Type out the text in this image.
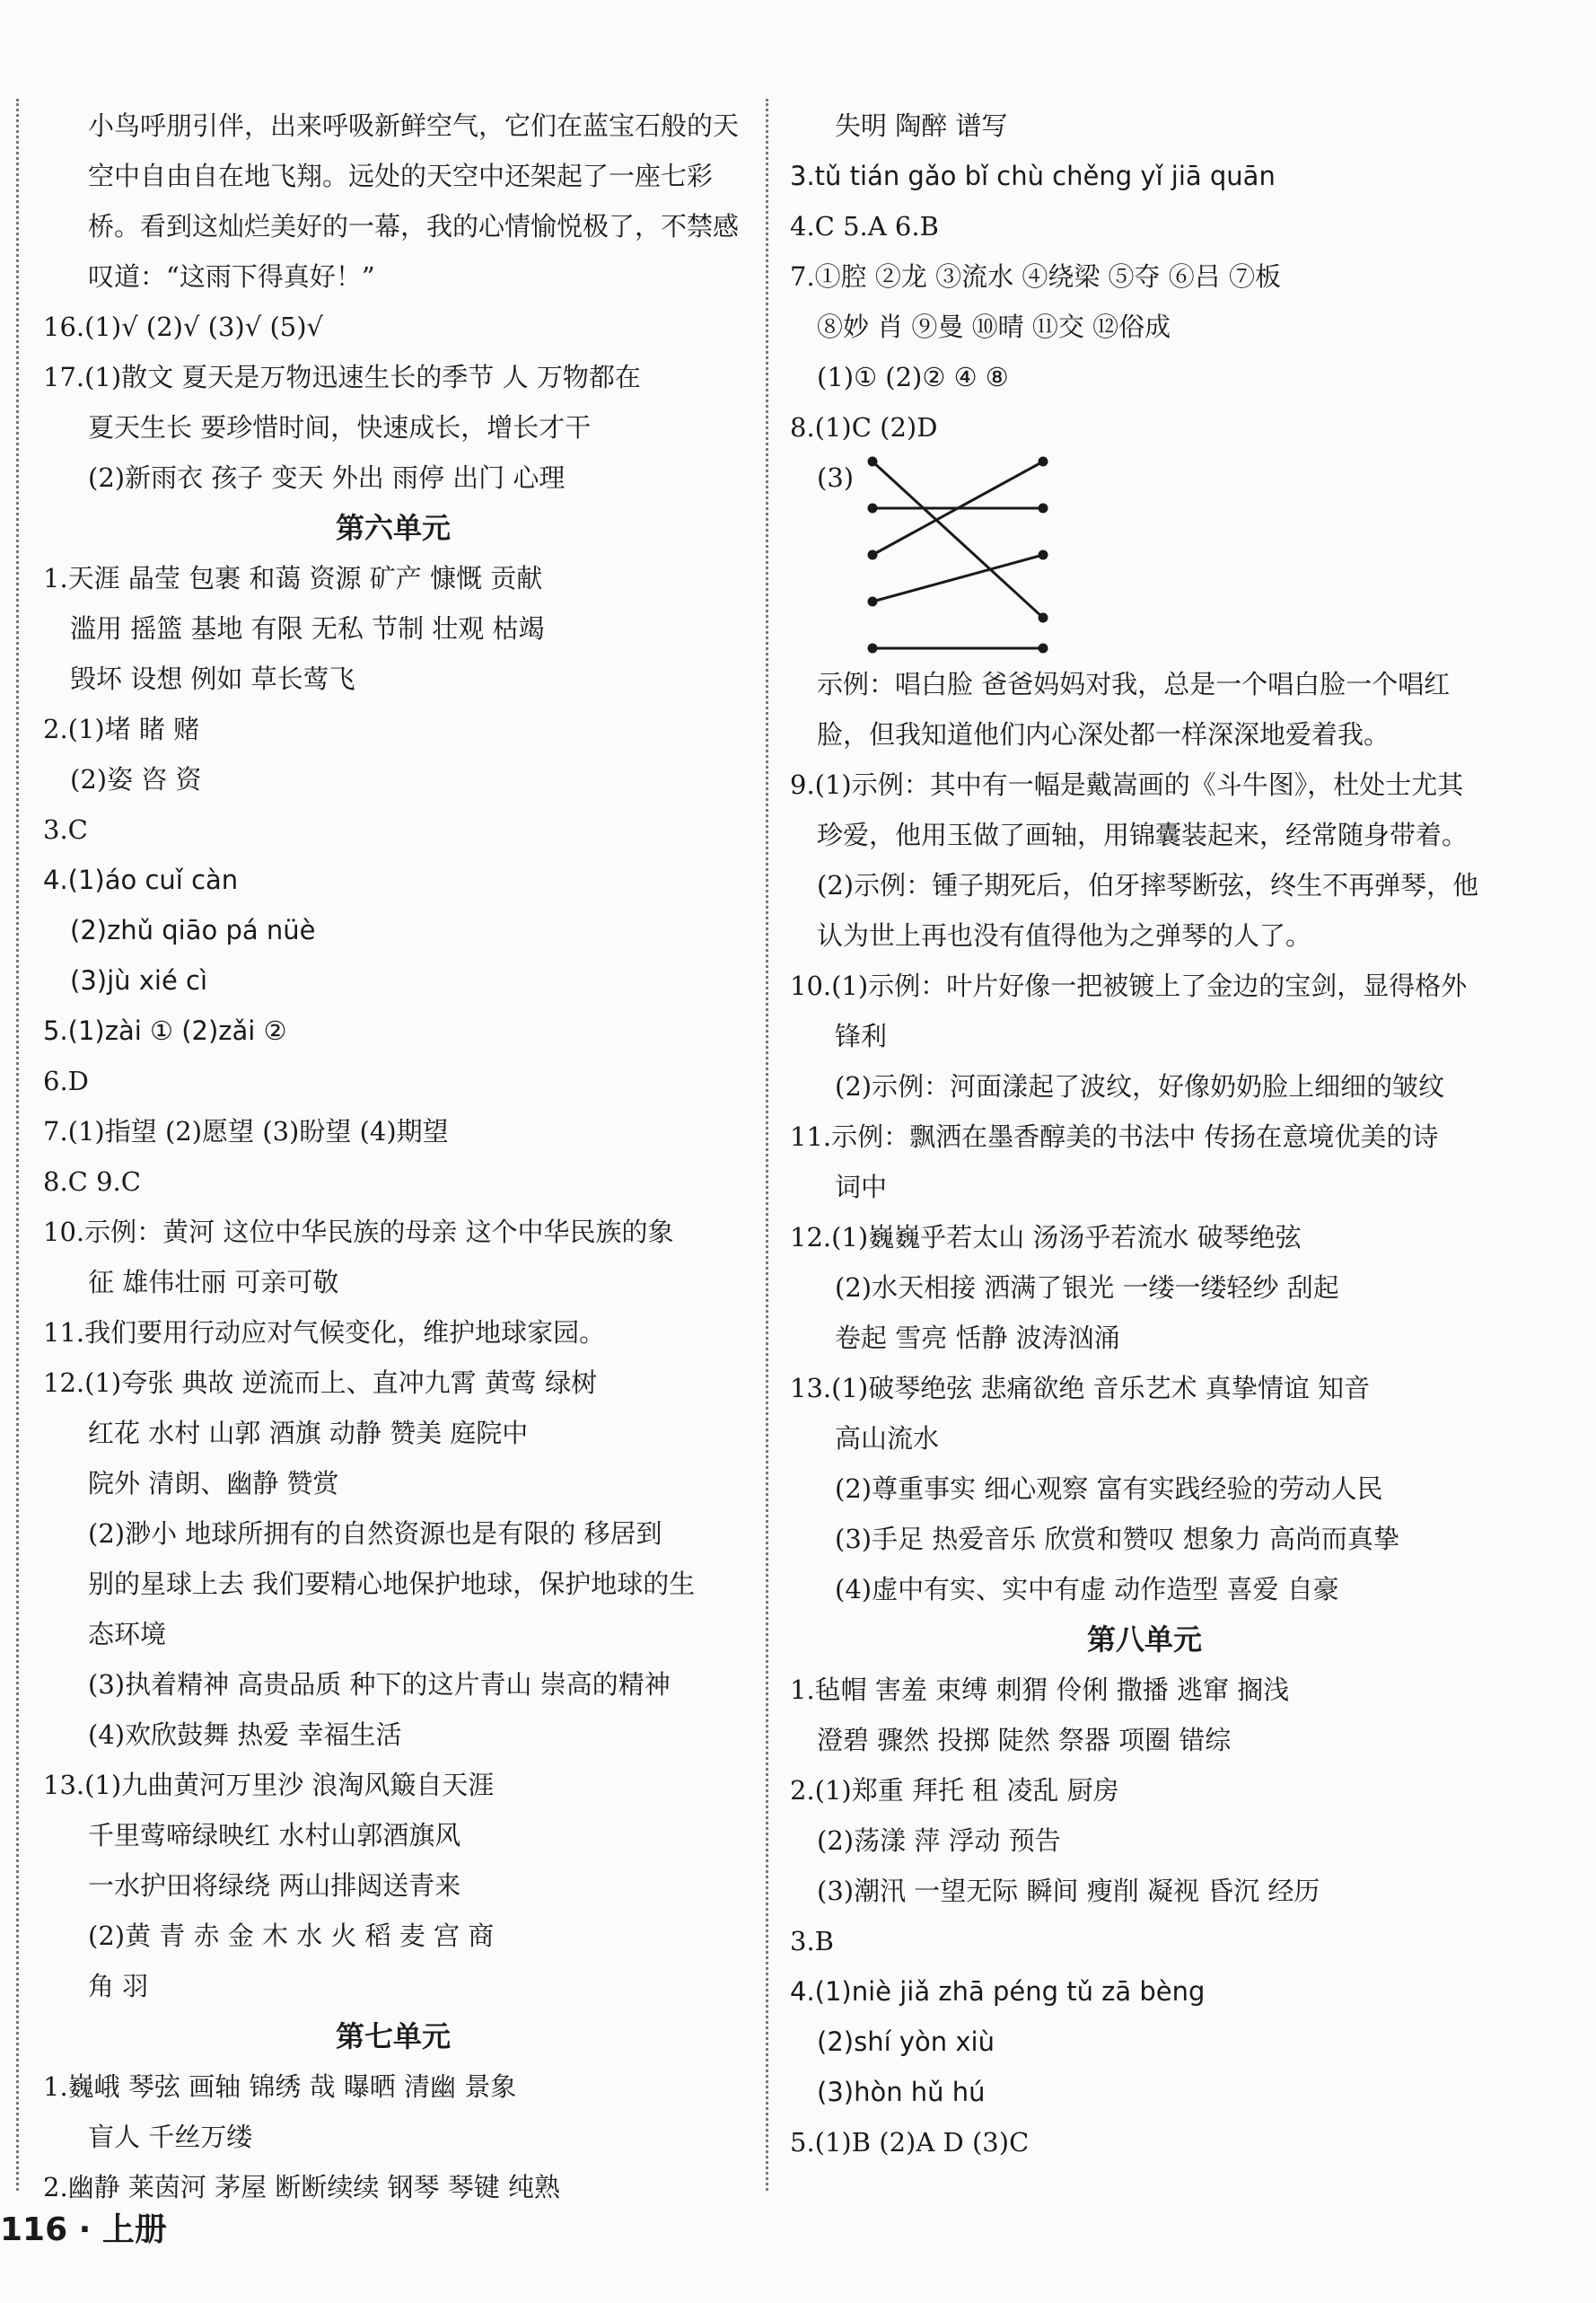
小鸟呼朋引伴，出来呼吸新鲜空气，它们在蓝宝石般的天
空中自由自在地飞翔。远处的天空中还架起了一座七彩
桥。看到这灿烂美好的一幕，我的心情愉悦极了，不禁感
叹道：“这雨下得真好！”
16.(1)√ (2)√ (3)√ (5)√
17.(1)散文 夏天是万物迅速生长的季节 人 万物都在
夏天生长 要珍惜时间，快速成长，增长才干
(2)新雨衣 孩子 变天 外出 雨停 出门 心理
第六单元
1.天涯 晶莹 包裹 和蔼 资源 矿产 慷慨 贡献
滥用 摇篮 基地 有限 无私 节制 壮观 枯竭
毁坏 设想 例如 草长莺飞
2.(1)堵 睹 赌
(2)姿 咨 资
3.C
4.(1)áo cuǐ càn
(2)zhǔ qiāo pá nüè
(3)jù xié cì
5.(1)zài ① (2)zǎi ②
6.D
7.(1)指望 (2)愿望 (3)盼望 (4)期望
8.C 9.C
10.示例：黄河 这位中华民族的母亲 这个中华民族的象
征 雄伟壮丽 可亲可敬
11.我们要用行动应对气候变化，维护地球家园。
12.(1)夸张 典故 逆流而上、直冲九霄 黄莺 绿树
红花 水村 山郭 酒旗 动静 赞美 庭院中
院外 清朗、幽静 赞赏
(2)渺小 地球所拥有的自然资源也是有限的 移居到
别的星球上去 我们要精心地保护地球，保护地球的生
态环境
(3)执着精神 高贵品质 种下的这片青山 崇高的精神
(4)欢欣鼓舞 热爱 幸福生活
13.(1)九曲黄河万里沙 浪淘风簸自天涯
千里莺啼绿映红 水村山郭酒旗风
一水护田将绿绕 两山排闼送青来
(2)黄 青 赤 金 木 水 火 稻 麦 宫 商
角 羽
第七单元
1.巍峨 琴弦 画轴 锦绣 哉 曝晒 清幽 景象
盲人 千丝万缕
2.幽静 莱茵河 茅屋 断断续续 钢琴 琴键 纯熟
失明 陶醉 谱写
3.tǔ tián gǎo bǐ chù chěng yǐ jiā quān
4.C 5.A 6.B
7.①腔 ②龙 ③流水 ④绕梁 ⑤夺 ⑥吕 ⑦板
⑧妙 肖 ⑨曼 ⑩晴 ⑪交 ⑫俗成
(1)① (2)② ④ ⑧
8.(1)C (2)D
(3)
示例：唱白脸 爸爸妈妈对我，总是一个唱白脸一个唱红
脸，但我知道他们内心深处都一样深深地爱着我。
9.(1)示例：其中有一幅是戴嵩画的《斗牛图》，杜处士尤其
珍爱，他用玉做了画轴，用锦囊装起来，经常随身带着。
(2)示例：锺子期死后，伯牙摔琴断弦，终生不再弹琴，他
认为世上再也没有值得他为之弹琴的人了。
10.(1)示例：叶片好像一把被镀上了金边的宝剑，显得格外
锋利
(2)示例：河面漾起了波纹，好像奶奶脸上细细的皱纹
11.示例：飘洒在墨香醇美的书法中 传扬在意境优美的诗
词中
12.(1)巍巍乎若太山 汤汤乎若流水 破琴绝弦
(2)水天相接 洒满了银光 一缕一缕轻纱 刮起
卷起 雪亮 恬静 波涛汹涌
13.(1)破琴绝弦 悲痛欲绝 音乐艺术 真挚情谊 知音
高山流水
(2)尊重事实 细心观察 富有实践经验的劳动人民
(3)手足 热爱音乐 欣赏和赞叹 想象力 高尚而真挚
(4)虚中有实、实中有虚 动作造型 喜爱 自豪
第八单元
1.毡帽 害羞 束缚 刺猬 伶俐 撒播 逃窜 搁浅
澄碧 骤然 投掷 陡然 祭器 项圈 错综
2.(1)郑重 拜托 租 凌乱 厨房
(2)荡漾 萍 浮动 预告
(3)潮汛 一望无际 瞬间 瘦削 凝视 昏沉 经历
3.B
4.(1)niè jiǎ zhā péng tǔ zā bèng
(2)shí yòn xiù
(3)hòn hǔ hú
5.(1)B (2)A D (3)C
116 · 上册
